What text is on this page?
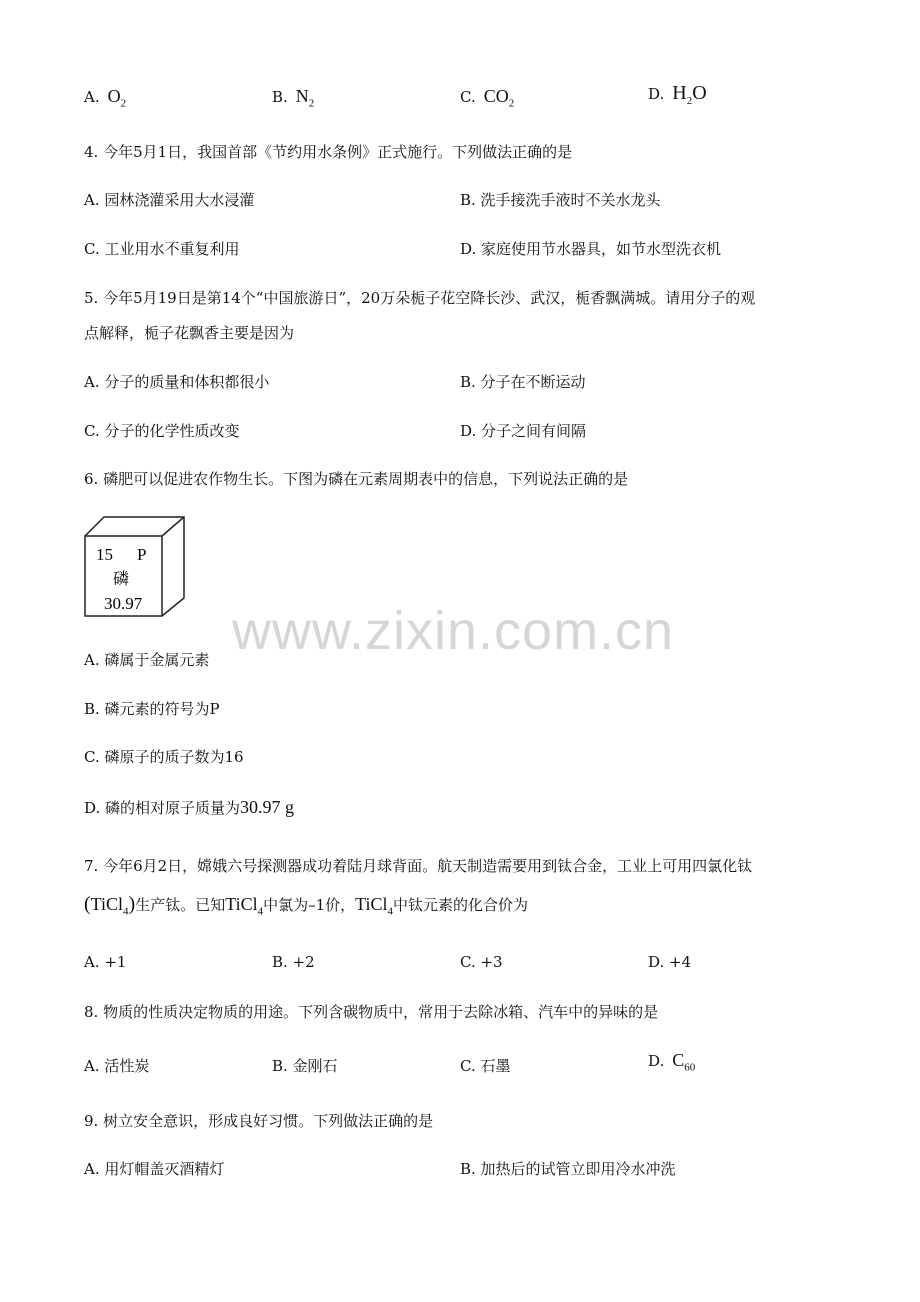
A. $O_2$	B. $N_2$	C. $CO_2$
D. $H_2O$
4. 今年5月1日，我国首部《节约用水条例》正式施行。下列做法正确的是
A. 园林浇灌采用大水浸灌	B. 洗手接洗手液时不关水龙头
C. 工业用水不重复利用	D. 家庭使用节水器具，如节水型洗衣机
5. 今年5月19日是第14个“中国旅游日”，20万朵栀子花空降长沙、武汉，栀香飘满城。请用分子的观
点解释，栀子花飘香主要是因为
A. 分子的质量和体积都很小	B. 分子在不断运动
C. 分子的化学性质改变	D. 分子之间有间隔
6. 磷肥可以促进农作物生长。下图为磷在元素周期表中的信息，下列说法正确的是
15 P
磷
30.97 www.zixin.com.cn
A. 磷属于金属元素
B. 磷元素的符号为P
C. 磷原子的质子数为16
D. 磷的相对原子质量为30.97 g
7. 今年6月2日，嫦娥六号探测器成功着陆月球背面。航天制造需要用到钛合金，工业上可用四氯化钛
(TiCl$_4$)生产钛。已知TiCl$_4$中氯为–1价，TiCl$_4$中钛元素的化合价为
A. +1	B. +2	C. +3	D. +4
8. 物质的性质决定物质的用途。下列含碳物质中，常用于去除冰箱、汽车中的异味的是
A. 活性炭	B. 金刚石	C. 石墨	D. $C_{60}$
9. 树立安全意识，形成良好习惯。下列做法正确的是
A. 用灯帽盖灭酒精灯	B. 加热后的试管立即用冷水冲洗
